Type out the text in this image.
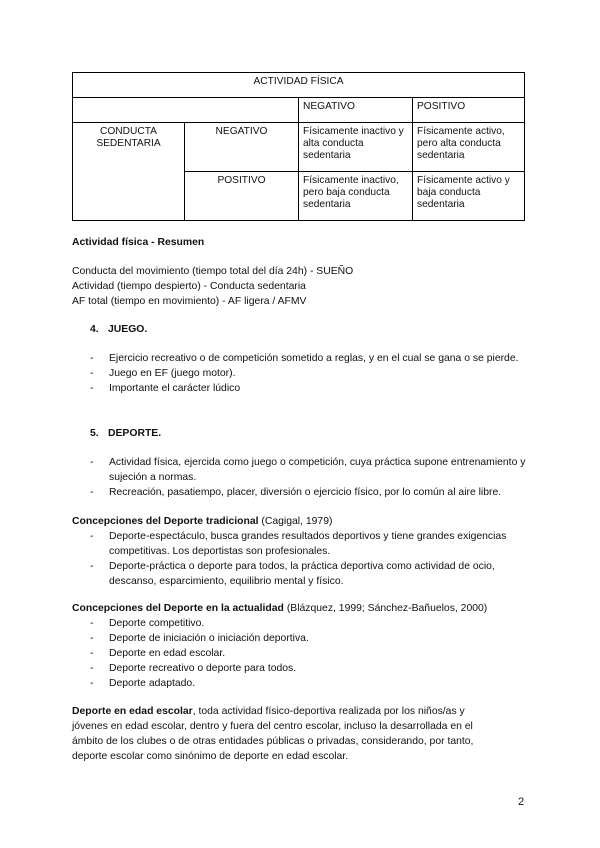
ACTIVIDAD FÍSICA			
		NEGATIVO	POSITIVO
CONDUCTA SEDENTARIA	NEGATIVO	Físicamente inactivo y alta conducta sedentaria	Físicamente activo, pero alta conducta sedentaria
	POSITIVO	Físicamente inactivo, pero baja conducta sedentaria	Físicamente activo y baja conducta sedentaria
Actividad física - Resumen
Conducta del movimiento (tiempo total del día 24h) - SUEÑO
Actividad (tiempo despierto) - Conducta sedentaria
AF total (tiempo en movimiento) - AF ligera / AFMV
4. JUEGO.
- Ejercicio recreativo o de competición sometido a reglas, y en el cual se gana o se pierde.
- Juego en EF (juego motor).
- Importante el carácter lúdico
5. DEPORTE.
- Actividad física, ejercida como juego o competición, cuya práctica supone entrenamiento y sujeción a normas.
- Recreación, pasatiempo, placer, diversión o ejercicio físico, por lo común al aire libre.
Concepciones del Deporte tradicional (Cagigal, 1979)
- Deporte-espectáculo, busca grandes resultados deportivos y tiene grandes exigencias competitivas. Los deportistas son profesionales.
- Deporte-práctica o deporte para todos, la práctica deportiva como actividad de ocio, descanso, esparcimiento, equilibrio mental y físico.
Concepciones del Deporte en la actualidad (Blázquez, 1999; Sánchez-Bañuelos, 2000)
- Deporte competitivo.
- Deporte de iniciación o iniciación deportiva.
- Deporte en edad escolar.
- Deporte recreativo o deporte para todos.
- Deporte adaptado.
Deporte en edad escolar, toda actividad físico-deportiva realizada por los niños/as y
jóvenes en edad escolar, dentro y fuera del centro escolar, incluso la desarrollada en el
ámbito de los clubes o de otras entidades públicas o privadas, considerando, por tanto,
deporte escolar como sinónimo de deporte en edad escolar.
2
